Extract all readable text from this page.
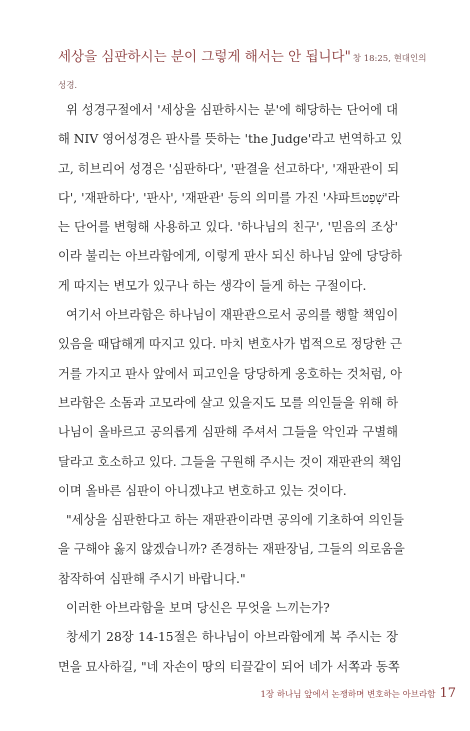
세상을 심판하시는 분이 그렇게 해서는 안 됩니다" 창 18:25, 현대인의
성경.
위 성경구절에서 '세상을 심판하시는 분'에 해당하는 단어에 대
해 NIV 영어성경은 판사를 뜻하는 'the Judge'라고 번역하고 있
고, 히브리어 성경은 '심판하다', '판결을 선고하다', '재판관이 되
다', '재판하다', '판사', '재판관' 등의 의미를 가진 '샤파트שָׁפַט'라
는 단어를 변형해 사용하고 있다. '하나님의 친구', '믿음의 조상'
이라 불리는 아브라함에게, 이렇게 판사 되신 하나님 앞에 당당하
게 따지는 변모가 있구나 하는 생각이 들게 하는 구절이다.
여기서 아브라함은 하나님이 재판관으로서 공의를 행할 책임이
있음을 때답해게 따지고 있다. 마치 변호사가 법적으로 정당한 근
거를 가지고 판사 앞에서 피고인을 당당하게 옹호하는 것처럼, 아
브라함은 소돔과 고모라에 살고 있을지도 모를 의인들을 위해 하
나님이 올바르고 공의롭게 심판해 주셔서 그들을 악인과 구별해
달라고 호소하고 있다. 그들을 구원해 주시는 것이 재판관의 책임
이며 올바른 심판이 아니겠냐고 변호하고 있는 것이다.
"세상을 심판한다고 하는 재판관이라면 공의에 기초하여 의인들
을 구해야 옳지 않겠습니까? 존경하는 재판장님, 그들의 의로움을
참작하여 심판해 주시기 바랍니다."
이러한 아브라함을 보며 당신은 무엇을 느끼는가?
창세기 28장 14-15절은 하나님이 아브라함에게 복 주시는 장
면을 묘사하길, "네 자손이 땅의 티끌같이 되어 네가 서쪽과 동쪽
1장 하나님 앞에서 논쟁하며 변호하는 아브라함 17
